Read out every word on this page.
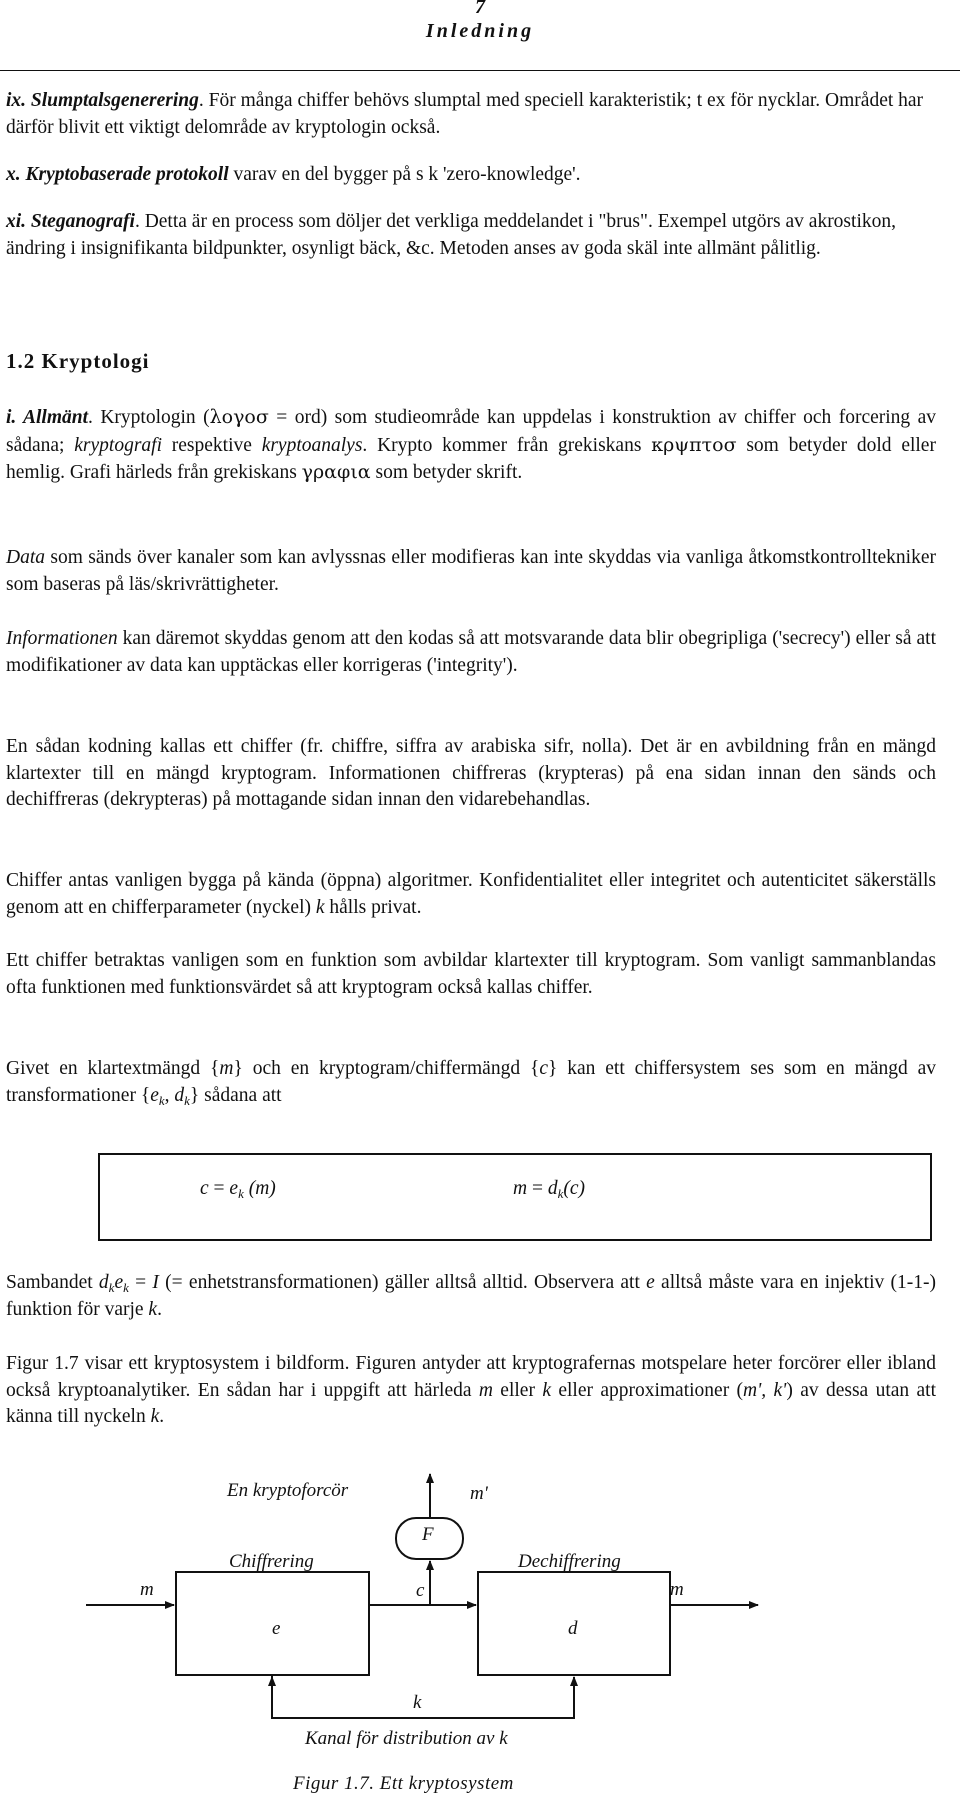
7
Inledning

ix. Slumptalsgenerering. För många chiffer behövs slumptal med speciell karakteristik; t ex för nycklar. Området har därför blivit ett viktigt delområde av kryptologin också.

x. Kryptobaserade protokoll varav en del bygger på s k 'zero-knowledge'.

xi. Steganografi. Detta är en process som döljer det verkliga meddelandet i "brus". Exempel utgörs av akrostikon, ändring i insignifikanta bildpunkter, osynligt bäck, &c. Metoden anses av goda skäl inte allmänt pålitlig.

1.2 Kryptologi

i. Allmänt. Kryptologin (λογοσ = ord) som studieområde kan uppdelas i konstruktion av chiffer och forcering av sådana; kryptografi respektive kryptoanalys. Krypto kommer från grekiskans κρψπτοσ som betyder dold eller hemlig. Grafi härleds från grekiskans γραφια som betyder skrift.

Data som sänds över kanaler som kan avlyssnas eller modifieras kan inte skyddas via vanliga åtkomstkontrolltekniker som baseras på läs/skrivrättigheter.

Informationen kan däremot skyddas genom att den kodas så att motsvarande data blir obegripliga ('secrecy') eller så att modifikationer av data kan upptäckas eller korrigeras ('integrity').

En sådan kodning kallas ett chiffer (fr. chiffre, siffra av arabiska sifr, nolla). Det är en avbildning från en mängd klartexter till en mängd kryptogram. Informationen chiffreras (krypteras) på ena sidan innan den sänds och dechiffreras (dekrypteras) på mottagande sidan innan den vidarebehandlas.

Chiffer antas vanligen bygga på kända (öppna) algoritmer. Konfidentialitet eller integritet och autenticitet säkerställs genom att en chifferparameter (nyckel) k hålls privat.

Ett chiffer betraktas vanligen som en funktion som avbildar klartexter till kryptogram. Som vanligt sammanblandas ofta funktionen med funktionsvärdet så att kryptogram också kallas chiffer.

Givet en klartextmängd {m} och en kryptogram/chiffermängd {c} kan ett chiffersystem ses som en mängd av transformationer {$e_k$, $d_k$} sådana att

$c = e_k$ (m)	$m = d_k(c)$

Sambandet $d_ke_k = I$ (= enhetstransformationen) gäller alltså alltid. Observera att e alltså måste vara en injektiv (1-1-) funktion för varje k.

Figur 1.7 visar ett kryptosystem i bildform. Figuren antyder att kryptografernas motspelare heter forcörer eller ibland också kryptoanalytiker. En sådan har i uppgift att härleda m eller k eller approximationer (m', k') av dessa utan att känna till nyckeln k.

En kryptoforcör	m'
F
Chiffrering	Dechiffrering
m
e
c
d
m
k
Kanal för distribution av k
Figur 1.7. Ett kryptosystem
